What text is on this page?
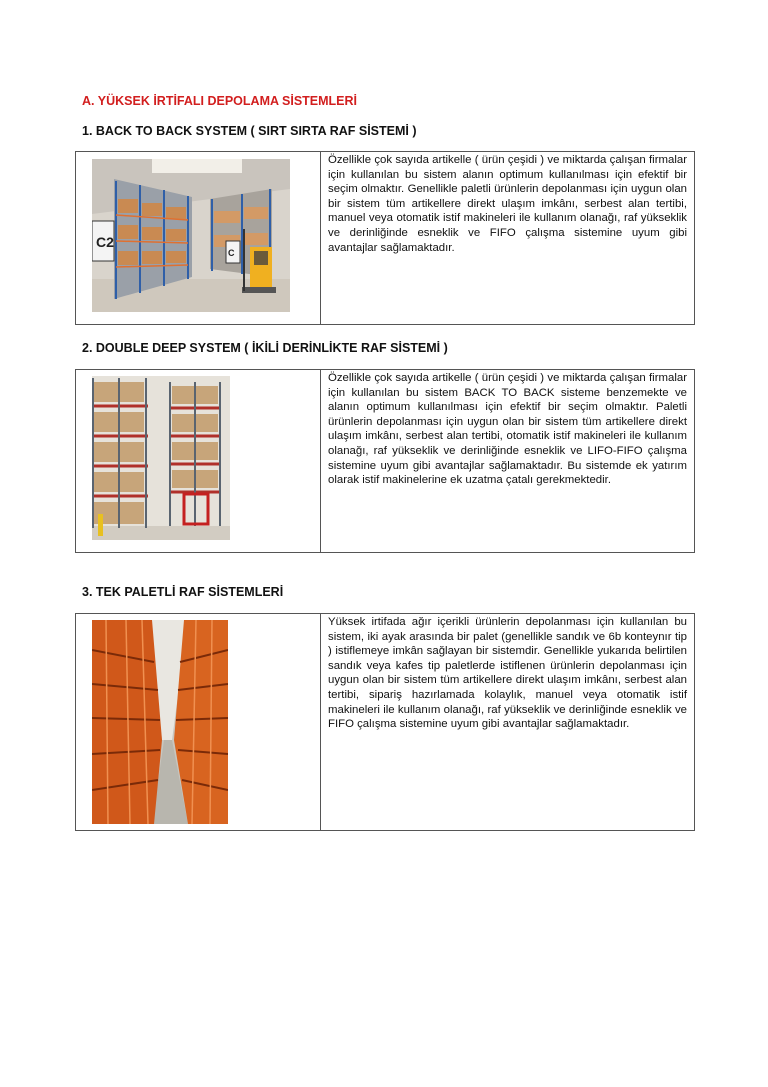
A. YÜKSEK İRTİFALI DEPOLAMA SİSTEMLERİ
1. BACK TO BACK SYSTEM ( SIRT SIRTA RAF SİSTEMİ )
C2
C
Özellikle çok sayıda artikelle ( ürün çeşidi ) ve miktarda çalışan firmalar için kullanılan bu sistem alanın optimum kullanılması için efektif bir seçim olmaktır. Genellikle paletli ürünlerin depolanması için uygun olan bir sistem tüm artikellere direkt ulaşım imkânı, serbest alan tertibi, manuel veya otomatik istif makineleri ile kullanım olanağı, raf yükseklik ve derinliğinde esneklik ve FIFO çalışma sistemine uyum gibi avantajlar sağlamaktadır.
2. DOUBLE DEEP SYSTEM ( İKİLİ DERİNLİKTE RAF SİSTEMİ )
Özellikle çok sayıda artikelle ( ürün çeşidi ) ve miktarda çalışan firmalar için kullanılan bu sistem BACK TO BACK sisteme benzemekte ve alanın optimum kullanılması için efektif bir seçim olmaktır. Paletli ürünlerin depolanması için uygun olan bir sistem tüm artikellere direkt ulaşım imkânı, serbest alan tertibi, otomatik istif makineleri ile kullanım olanağı, raf yükseklik ve derinliğinde esneklik ve LIFO-FIFO çalışma sistemine uyum gibi avantajlar sağlamaktadır. Bu sistemde ek yatırım olarak istif makinelerine ek uzatma çatalı gerekmektedir.
3. TEK PALETLİ RAF SİSTEMLERİ
Yüksek irtifada ağır içerikli ürünlerin depolanması için kullanılan bu sistem, iki ayak arasında bir palet (genellikle sandık ve 6b konteynır tip ) istiflemeye imkân sağlayan bir sistemdir. Genellikle yukarıda belirtilen sandık veya kafes tip paletlerde istiflenen ürünlerin depolanması için uygun olan bir sistem tüm artikellere direkt ulaşım imkânı, serbest alan tertibi, sipariş hazırlamada kolaylık, manuel veya otomatik istif makineleri ile kullanım olanağı, raf yükseklik ve derinliğinde esneklik ve FIFO çalışma sistemine uyum gibi avantajlar sağlamaktadır.
